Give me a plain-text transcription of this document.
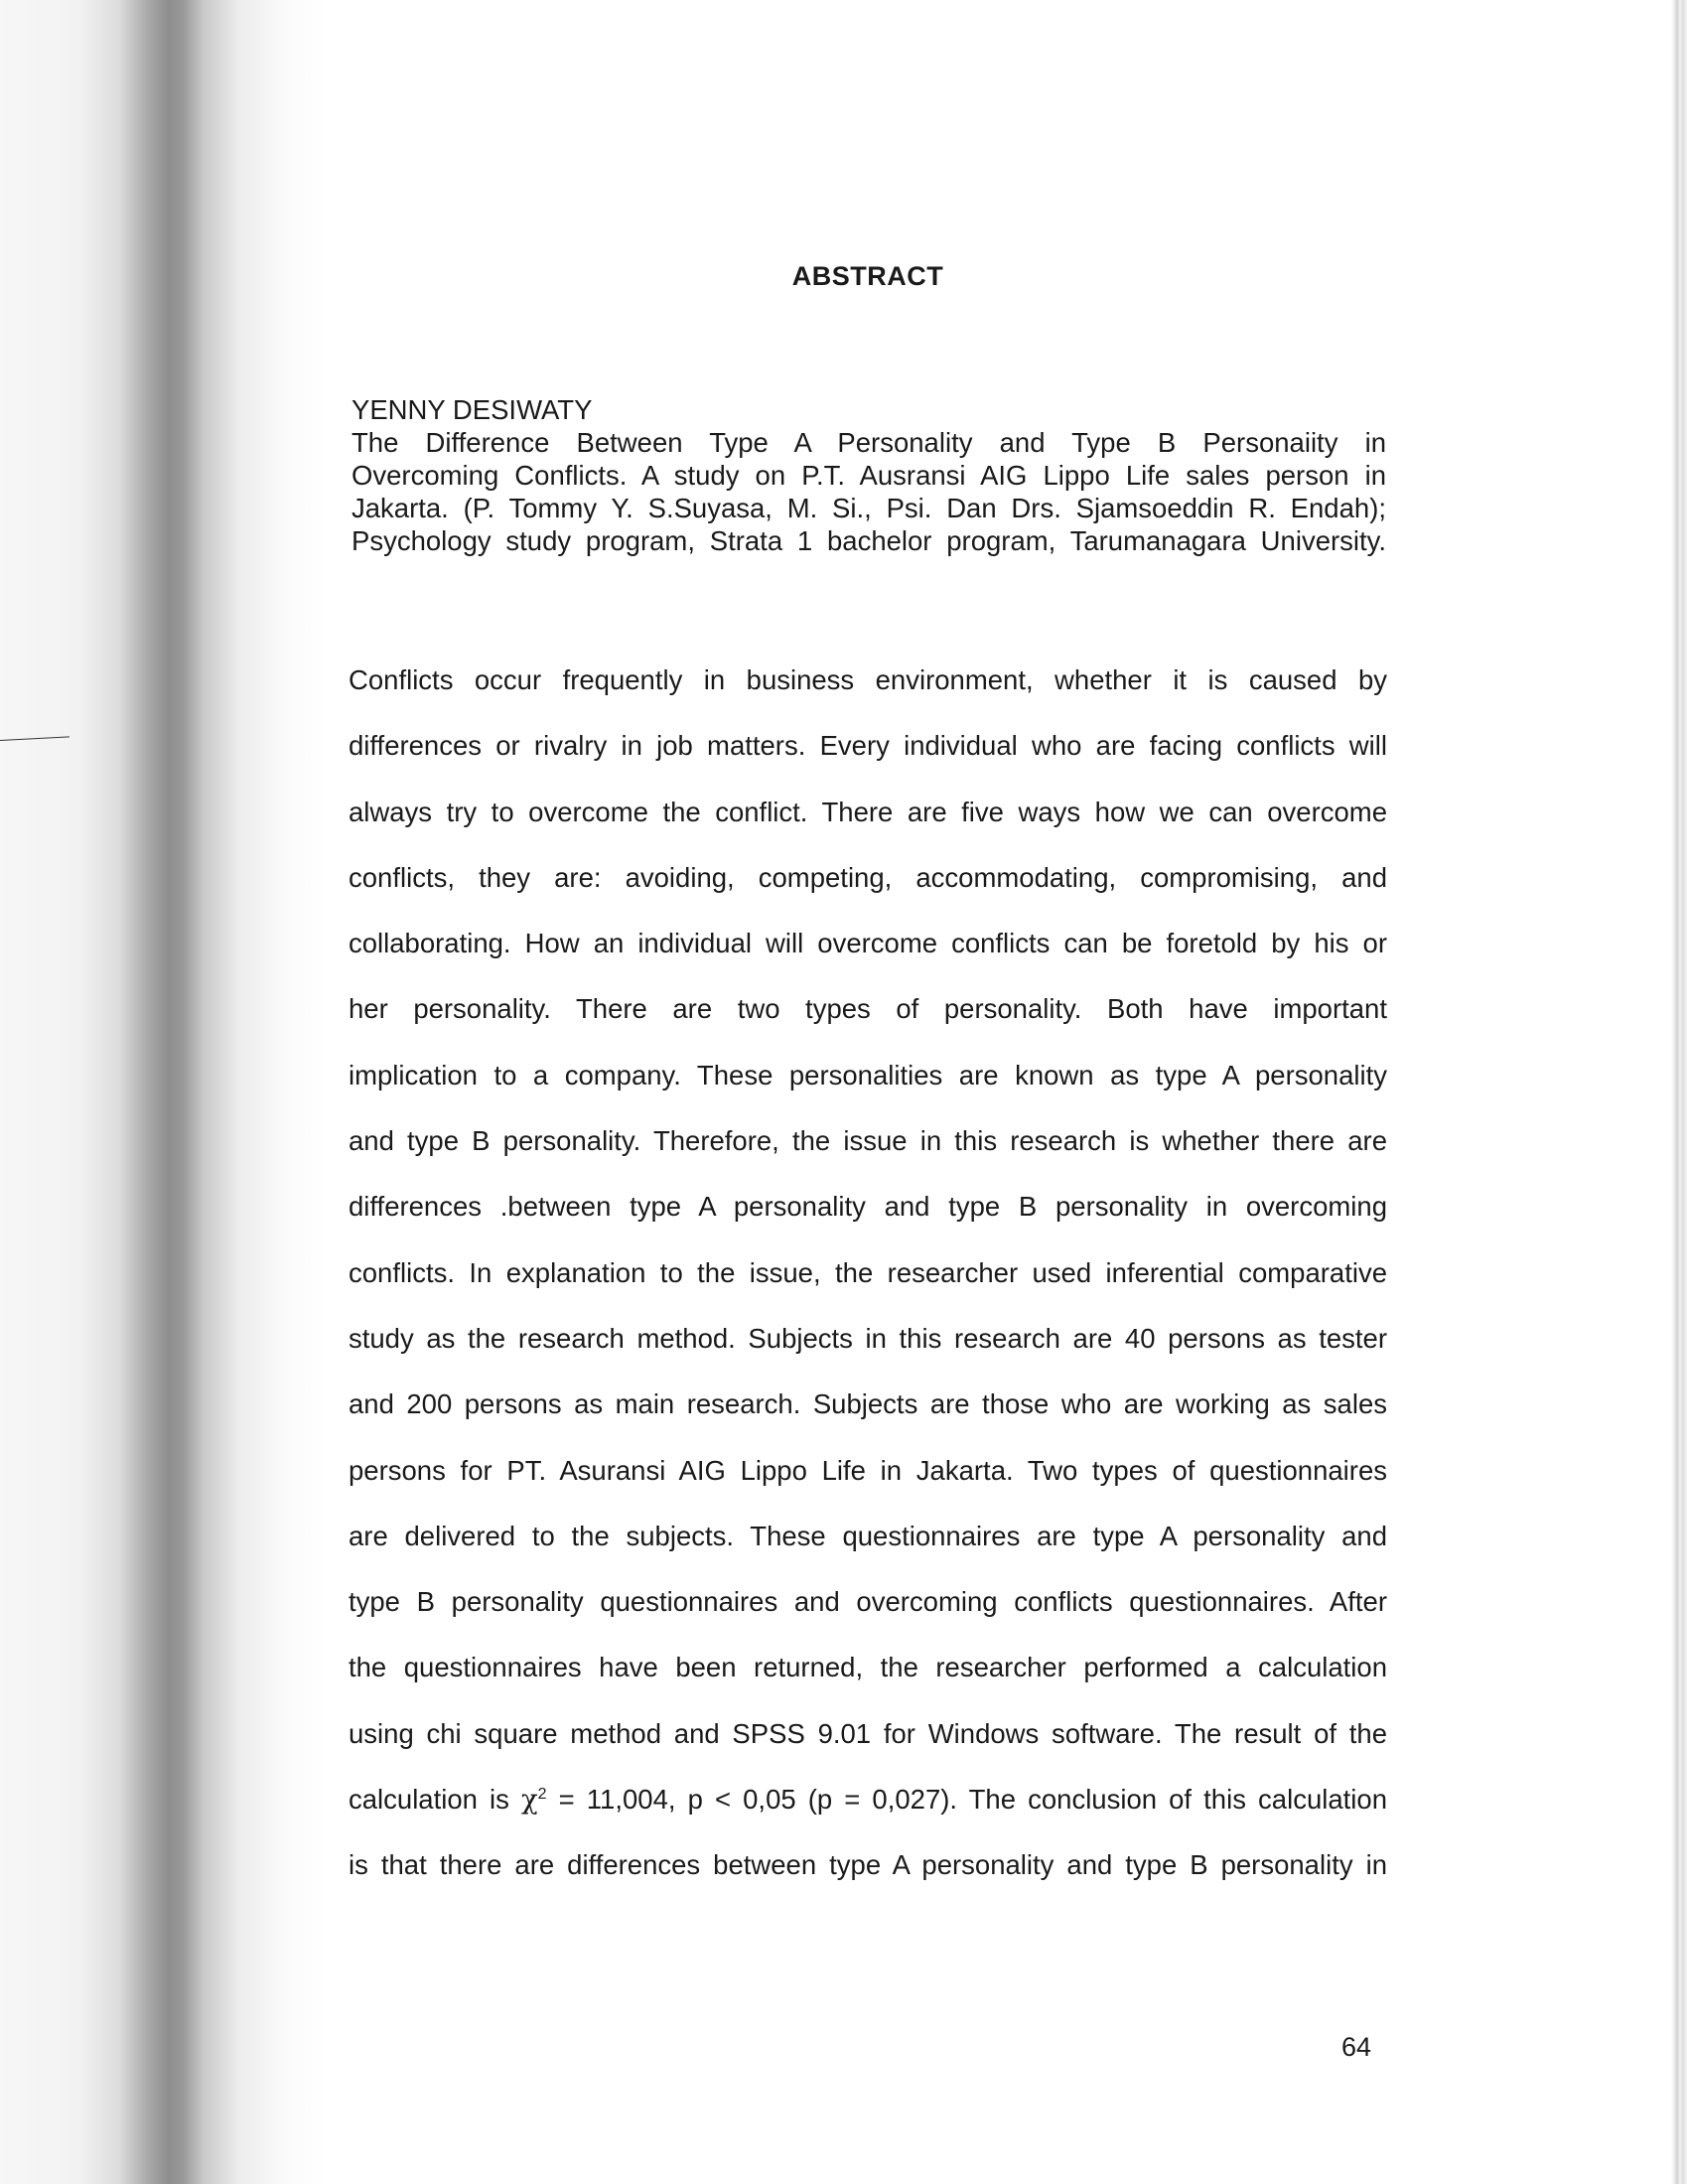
ABSTRACT
YENNY DESIWATY
The Difference Between Type A Personality and Type B Personaiity in
Overcoming Conflicts. A study on P.T. Ausransi AIG Lippo Life sales person in
Jakarta. (P. Tommy Y. S.Suyasa, M. Si., Psi. Dan Drs. Sjamsoeddin R. Endah);
Psychology study program, Strata 1 bachelor program, Tarumanagara University.
Conflicts occur frequently in business environment, whether it is caused by
differences or rivalry in job matters. Every individual who are facing conflicts will
always try to overcome the conflict. There are five ways how we can overcome
conflicts, they are: avoiding, competing, accommodating, compromising, and
collaborating. How an individual will overcome conflicts can be foretold by his or
her personality. There are two types of personality. Both have important
implication to a company. These personalities are known as type A personality
and type B personality. Therefore, the issue in this research is whether there are
differences .between type A personality and type B personality in overcoming
conflicts. In explanation to the issue, the researcher used inferential comparative
study as the research method. Subjects in this research are 40 persons as tester
and 200 persons as main research. Subjects are those who are working as sales
persons for PT. Asuransi AIG Lippo Life in Jakarta. Two types of questionnaires
are delivered to the subjects. These questionnaires are type A personality and
type B personality questionnaires and overcoming conflicts questionnaires. After
the questionnaires have been returned, the researcher performed a calculation
using chi square method and SPSS 9.01 for Windows software. The result of the
calculation is $\chi^2 = 11,004$, p < 0,05 (p = 0,027). The conclusion of this calculation
is that there are differences between type A personality and type B personality in
64
